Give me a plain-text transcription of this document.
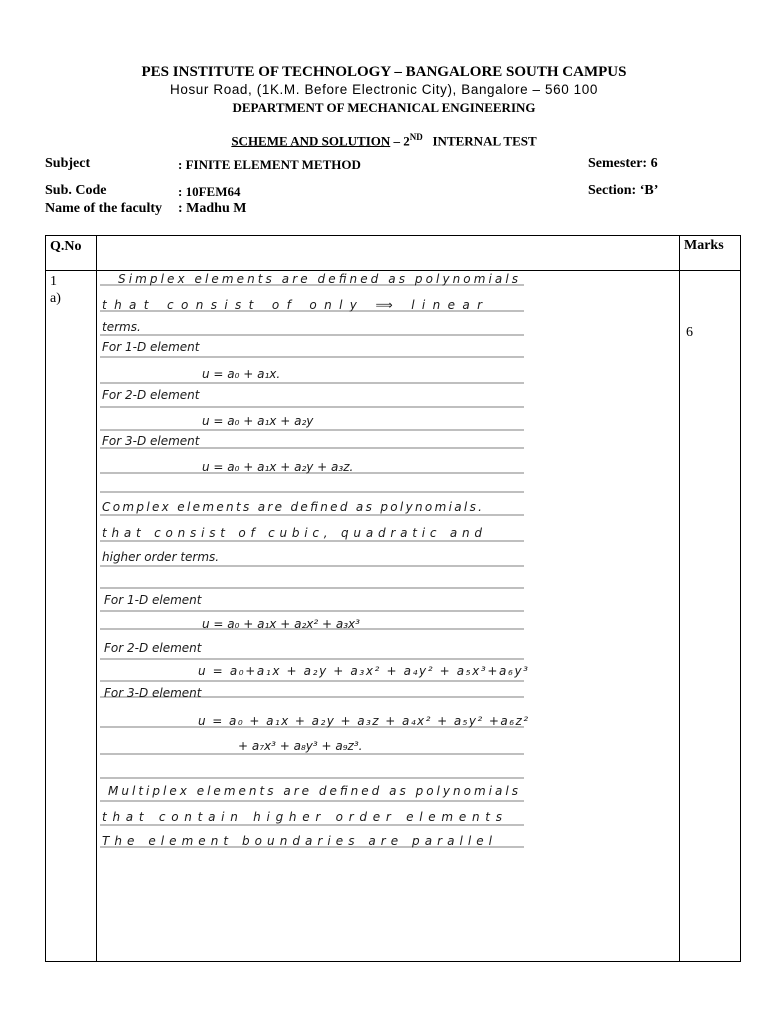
PES INSTITUTE OF TECHNOLOGY – BANGALORE SOUTH CAMPUS
Hosur Road, (1K.M. Before Electronic City), Bangalore – 560 100
DEPARTMENT OF MECHANICAL ENGINEERING
SCHEME AND SOLUTION – 2ND   INTERNAL TEST
Subject	: FINITE ELEMENT METHOD	Semester: 6
Sub. Code	: 10FEM64	Section: ‘B’
Name of the faculty : Madhu M
Q.No		Marks

1
a)		6
Simplex elements are defined as polynomials
that consist of only ⟹ linear
terms.
For 1-D element
u = a₀ + a₁x.
For 2-D element
u = a₀ + a₁x + a₂y
For 3-D element
u = a₀ + a₁x + a₂y + a₃z.
Complex elements are defined as polynomials.
that consist of cubic, quadratic and
higher order terms.
For 1-D element
u = a₀ + a₁x + a₂x² + a₃x³
For 2-D element
u = a₀+a₁x + a₂y + a₃x² + a₄y² + a₅x³+a₆y³
For 3-D element
u = a₀ + a₁x + a₂y + a₃z + a₄x² + a₅y² +a₆z²
+ a₇x³ + a₈y³ + a₉z³.
Multiplex elements are defined as polynomials
that contain higher order elements
The element boundaries are parallel
